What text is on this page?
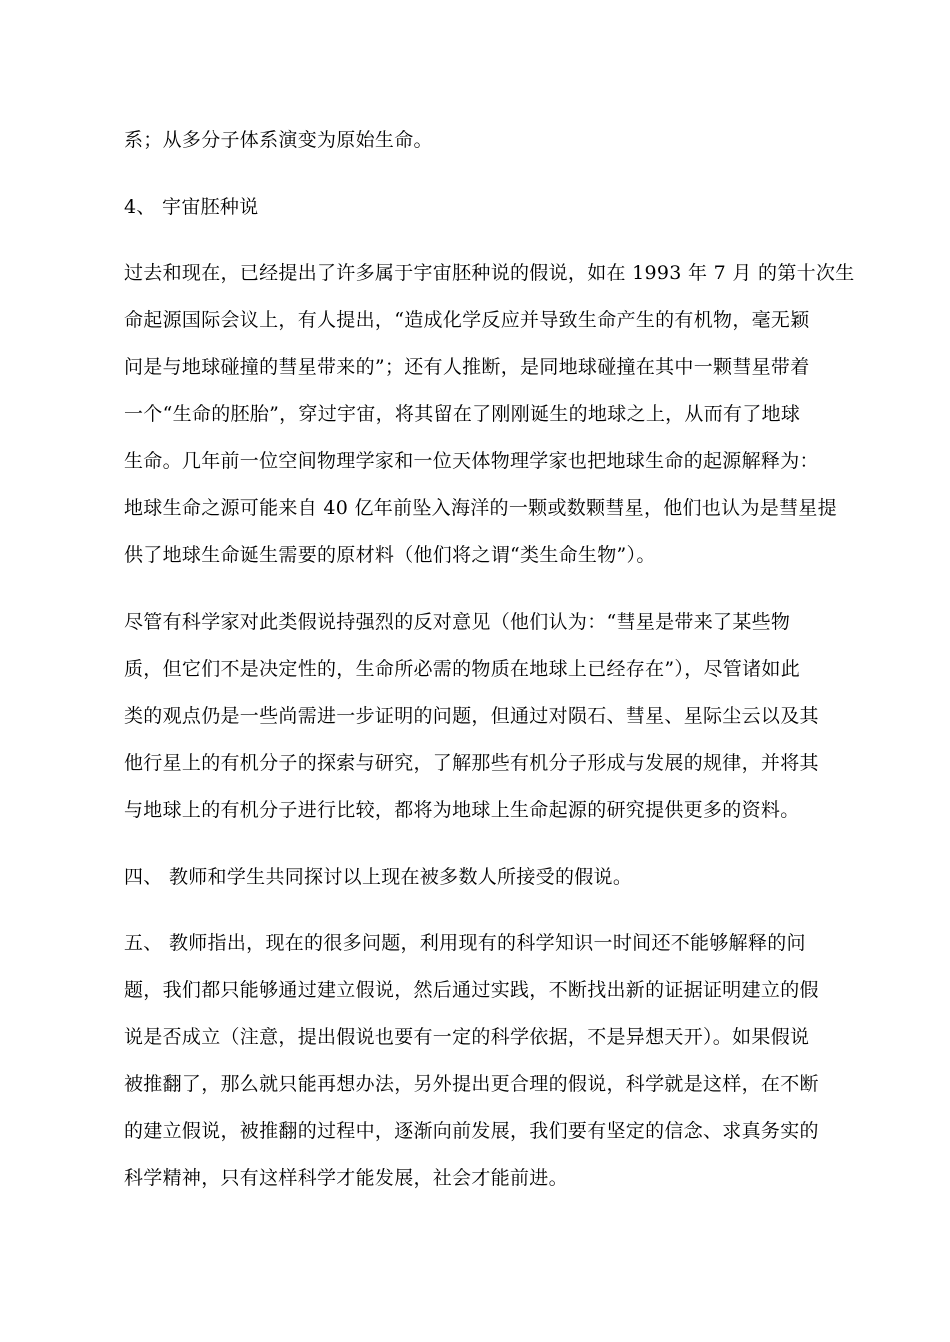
系；从多分子体系演变为原始生命。
4、 宇宙胚种说
过去和现在，已经提出了许多属于宇宙胚种说的假说，如在 1993 年 7 月 的第十次生
命起源国际会议上，有人提出，“造成化学反应并导致生命产生的有机物，毫无颖
问是与地球碰撞的彗星带来的”；还有人推断，是同地球碰撞在其中一颗彗星带着
一个“生命的胚胎”，穿过宇宙，将其留在了刚刚诞生的地球之上，从而有了地球
生命。几年前一位空间物理学家和一位天体物理学家也把地球生命的起源解释为：
地球生命之源可能来自 40 亿年前坠入海洋的一颗或数颗彗星，他们也认为是彗星提
供了地球生命诞生需要的原材料（他们将之谓“类生命生物”）。
尽管有科学家对此类假说持强烈的反对意见（他们认为：“彗星是带来了某些物
质，但它们不是决定性的，生命所必需的物质在地球上已经存在”），尽管诸如此
类的观点仍是一些尚需进一步证明的问题，但通过对陨石、彗星、星际尘云以及其
他行星上的有机分子的探索与研究，了解那些有机分子形成与发展的规律，并将其
与地球上的有机分子进行比较，都将为地球上生命起源的研究提供更多的资料。
四、 教师和学生共同探讨以上现在被多数人所接受的假说。
五、 教师指出，现在的很多问题，利用现有的科学知识一时间还不能够解释的问
题，我们都只能够通过建立假说，然后通过实践，不断找出新的证据证明建立的假
说是否成立（注意，提出假说也要有一定的科学依据，不是异想天开）。如果假说
被推翻了，那么就只能再想办法，另外提出更合理的假说，科学就是这样，在不断
的建立假说，被推翻的过程中，逐渐向前发展，我们要有坚定的信念、求真务实的
科学精神，只有这样科学才能发展，社会才能前进。
